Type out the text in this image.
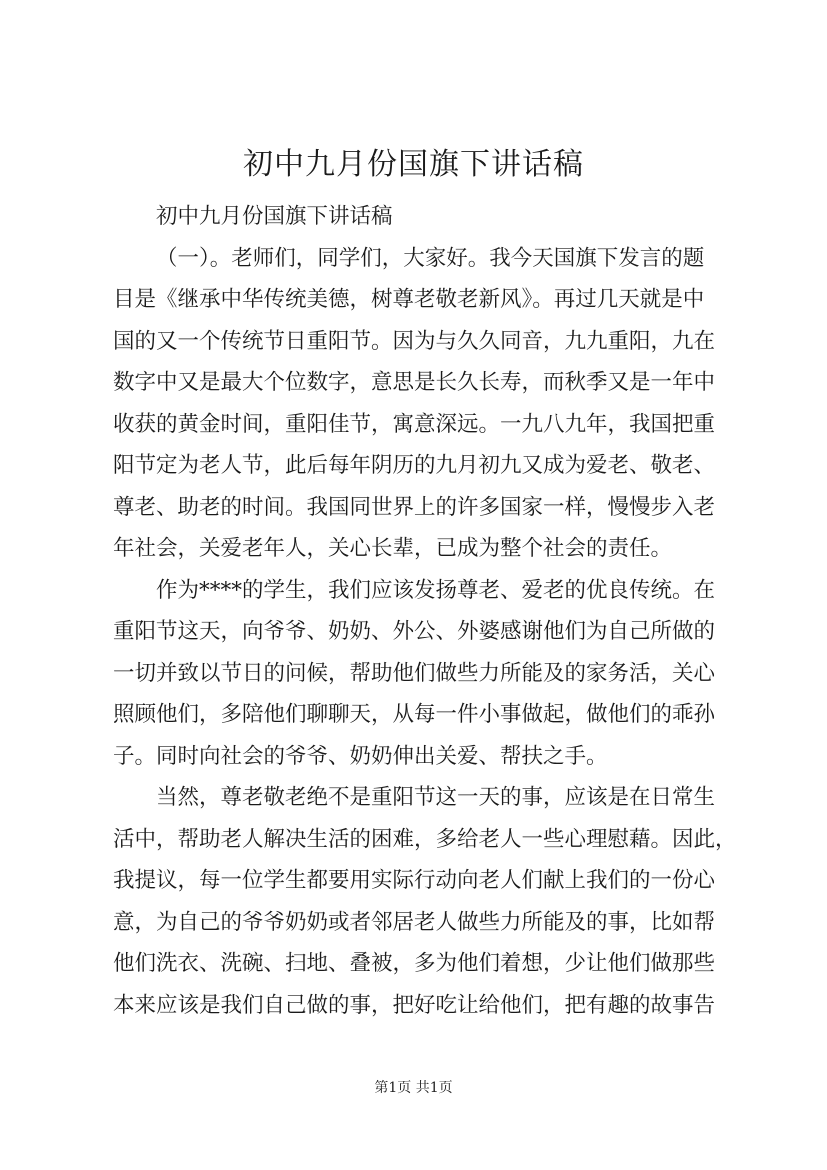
初中九月份国旗下讲话稿
初中九月份国旗下讲话稿
（一）。老师们，同学们，大家好。我今天国旗下发言的题
目是《继承中华传统美德，树尊老敬老新风》。再过几天就是中
国的又一个传统节日重阳节。因为与久久同音，九九重阳，九在
数字中又是最大个位数字，意思是长久长寿，而秋季又是一年中
收获的黄金时间，重阳佳节，寓意深远。一九八九年，我国把重
阳节定为老人节，此后每年阴历的九月初九又成为爱老、敬老、
尊老、助老的时间。我国同世界上的许多国家一样，慢慢步入老
年社会，关爱老年人，关心长辈，已成为整个社会的责任。
作为****的学生，我们应该发扬尊老、爱老的优良传统。在
重阳节这天，向爷爷、奶奶、外公、外婆感谢他们为自己所做的
一切并致以节日的问候，帮助他们做些力所能及的家务活，关心
照顾他们，多陪他们聊聊天，从每一件小事做起，做他们的乖孙
子。同时向社会的爷爷、奶奶伸出关爱、帮扶之手。
当然，尊老敬老绝不是重阳节这一天的事，应该是在日常生
活中，帮助老人解决生活的困难，多给老人一些心理慰藉。因此，
我提议，每一位学生都要用实际行动向老人们献上我们的一份心
意，为自己的爷爷奶奶或者邻居老人做些力所能及的事，比如帮
他们洗衣、洗碗、扫地、叠被，多为他们着想，少让他们做那些
本来应该是我们自己做的事，把好吃让给他们，把有趣的故事告
第1页 共1页
